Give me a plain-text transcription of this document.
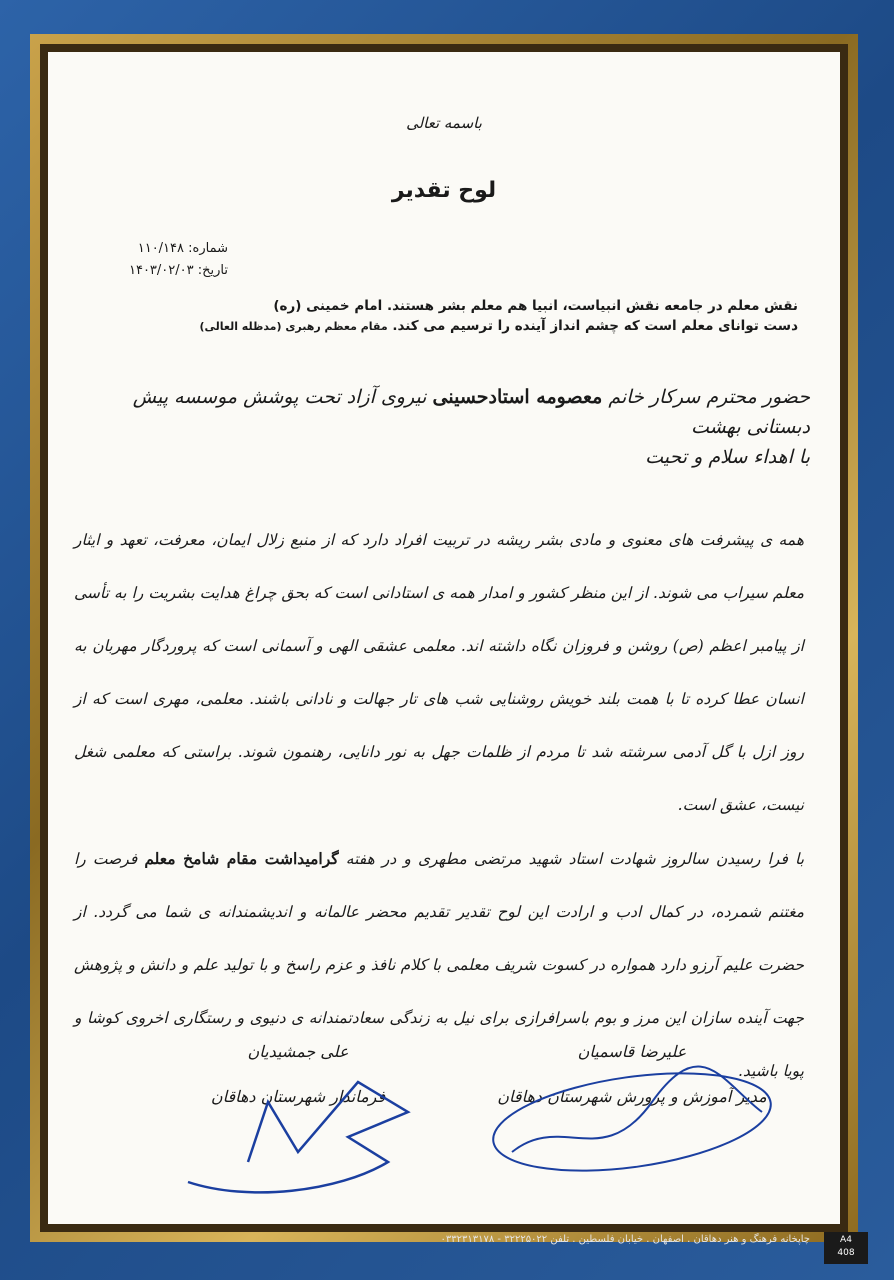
باسمه تعالی
لوح تقدیر
شماره: ۱۱۰/۱۴۸
تاریخ: ۱۴۰۳/۰۲/۰۳
نقش معلم در جامعه نقش انبیاست، انبیا هم معلم بشر هستند. امام خمینی (ره)
دست توانای معلم است که چشم انداز آینده را ترسیم می کند. مقام معظم رهبری (مدظله العالی)
حضور محترم سرکار خانم معصومه استادحسینی نیروی آزاد تحت پوشش موسسه پیش دبستانی بهشت
با اهداء سلام و تحیت
همه ی پیشرفت های معنوی و مادی بشر ریشه در تربیت افراد دارد که از منبع زلال ایمان، معرفت، تعهد و ایثار معلم سیراب می شوند. از این منظر کشور و امدار همه ی استادانی است که بحق چراغ هدایت بشریت را به تأسی از پیامبر اعظم (ص) روشن و فروزان نگاه داشته اند. معلمی عشقی الهی و آسمانی است که پروردگار مهربان به انسان عطا کرده تا با همت بلند خویش روشنایی شب های تار جهالت و نادانی باشند. معلمی، مهری است که از روز ازل با گل آدمی سرشته شد تا مردم از ظلمات جهل به نور دانایی، رهنمون شوند. براستی که معلمی شغل نیست، عشق است.
با فرا رسیدن سالروز شهادت استاد شهید مرتضی مطهری و در هفته گرامیداشت مقام شامخ معلم فرصت را مغتنم شمرده، در کمال ادب و ارادت این لوح تقدیر تقدیم محضر عالمانه و اندیشمندانه ی شما می گردد. از حضرت علیم آرزو دارد همواره در کسوت شریف معلمی با کلام نافذ و عزم راسخ و با تولید علم و دانش و پژوهش جهت آینده سازان این مرز و بوم باسرافرازی برای نیل به زندگی سعادتمندانه ی دنیوی و رستگاری اخروی کوشا و پویا باشید.
علیرضا قاسمیان
مدیر آموزش و پرورش شهرستان دهاقان
علی جمشیدیان
فرماندار شهرستان دهاقان
چاپخانه فرهنگ و هنر دهاقان . اصفهان . خیابان فلسطین . تلفن ۳۲۲۲۵۰۲۲ - ۰۳۳۲۳۱۳۱۷۸	A4
408
